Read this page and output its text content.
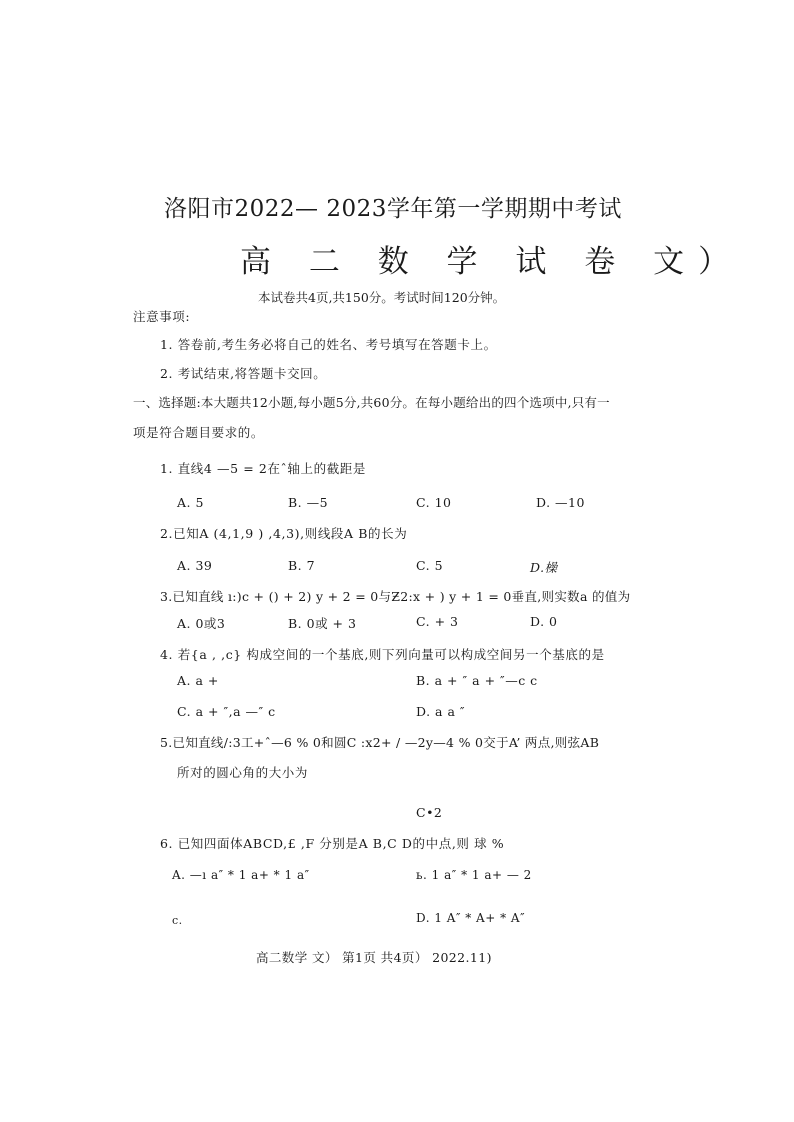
洛阳市2022— 2023学年第一学期期中考试
高 二 数 学 试 卷 文）
本试卷共4页,共150分。考试时间120分钟。
注意事项:
1. 答卷前,考生务必将自己的姓名、考号填写在答题卡上。
2. 考试结束,将答题卡交回。
一、选择题:本大题共12小题,每小题5分,共60分。在每小题给出的四个选项中,只有一
项是符合题目要求的。
1. 直线4 —5 = 2在ˆ轴上的截距是
A. 5	B. —5	C. 10	D. —10
2.已知A (4,1,9 ) ,4,3),则线段A B的长为
A. 39	B. 7	C. 5	D.橾
3.已知直线 ı:)c + () + 2) y + 2 = 0与Ƶ2:x + ) y + 1 = 0垂直,则实数a 的值为
A. 0或3	B. 0或 + 3	C. + 3	D. 0
4. 若{a , ,c} 构成空间的一个基底,则下列向量可以构成空间另一个基底的是
A. a +	B. a + ″ a + ″—c c
C. a + ″,a —″ c	D. a a ″
5.已知直线/:3工+ˆ—6 % 0和圆C :x2+ / —2y—4 % 0交于A’ 两点,则弦AB
所对的圆心角的大小为
C•2
6. 已知四面体ABCD,£ ,F 分别是A B,C D的中点,则 球 %
A. —ı a″ * 1 a+ * 1 a″	ь. 1 a″ * 1 a+ — 2
c.	D. 1 A″ * A+ * A″
高二数学 文） 第1页 共4页） 2022.11)
